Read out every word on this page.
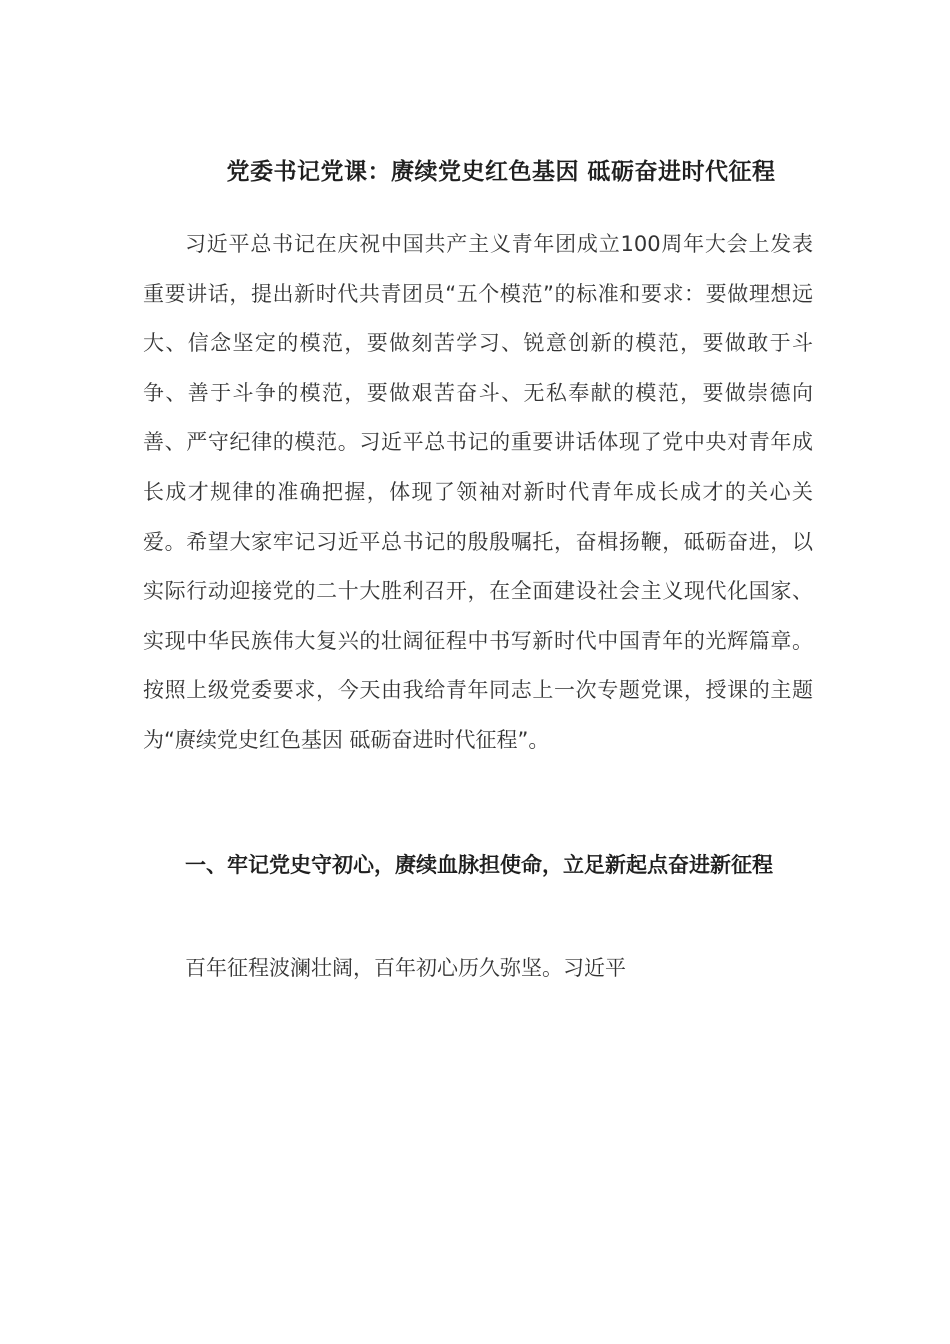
党委书记党课：赓续党史红色基因 砥砺奋进时代征程

习近平总书记在庆祝中国共产主义青年团成立100周年大会上发表重要讲话，提出新时代共青团员“五个模范”的标准和要求：要做理想远大、信念坚定的模范，要做刻苦学习、锐意创新的模范，要做敢于斗争、善于斗争的模范，要做艰苦奋斗、无私奉献的模范，要做崇德向善、严守纪律的模范。习近平总书记的重要讲话体现了党中央对青年成长成才规律的准确把握，体现了领袖对新时代青年成长成才的关心关爱。希望大家牢记习近平总书记的殷殷嘱托，奋楫扬鞭，砥砺奋进，以实际行动迎接党的二十大胜利召开，在全面建设社会主义现代化国家、实现中华民族伟大复兴的壮阔征程中书写新时代中国青年的光辉篇章。按照上级党委要求，今天由我给青年同志上一次专题党课，授课的主题为“赓续党史红色基因 砥砺奋进时代征程”。

一、牢记党史守初心，赓续血脉担使命，立足新起点奋进新征程

百年征程波澜壮阔，百年初心历久弥坚。习近平
